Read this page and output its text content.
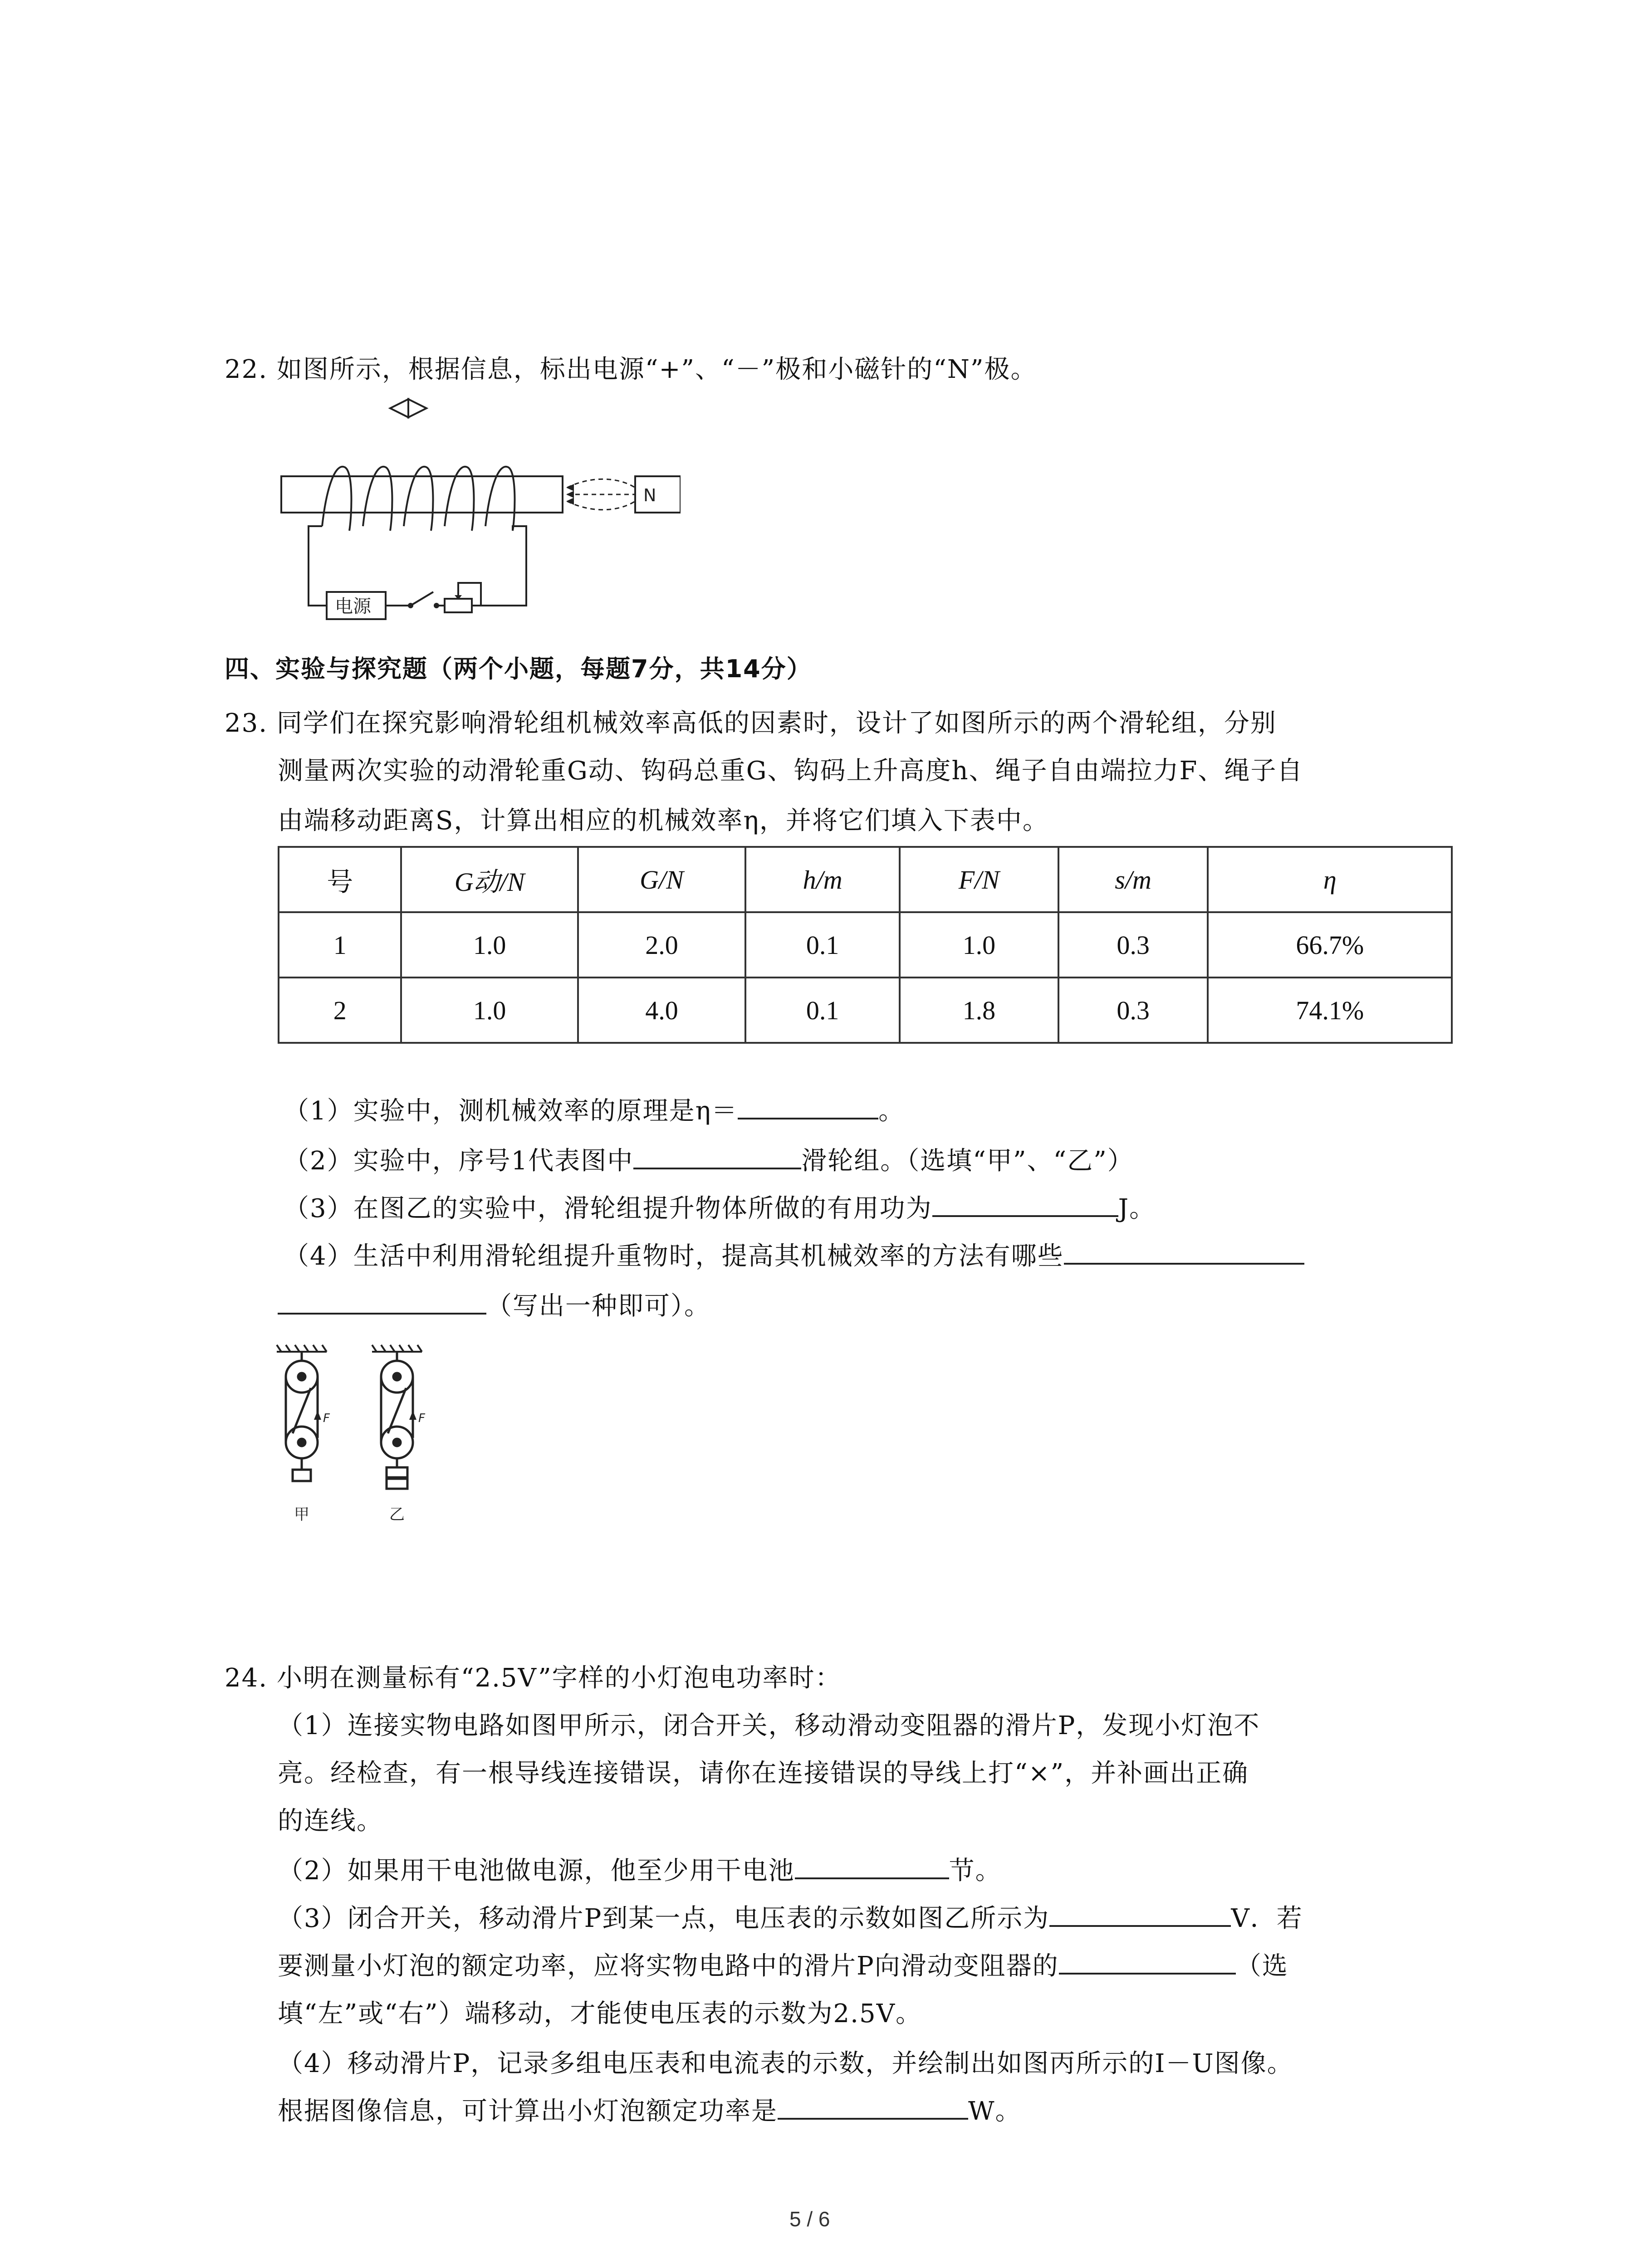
22. 如图所示，根据信息，标出电源“+”、“－”极和小磁针的“N”极。
电源
N
四、实验与探究题（两个小题，每题7分，共14分）
23. 同学们在探究影响滑轮组机械效率高低的因素时，设计了如图所示的两个滑轮组，分别
测量两次实验的动滑轮重G动、钩码总重G、钩码上升高度h、绳子自由端拉力F、绳子自
由端移动距离S，计算出相应的机械效率η，并将它们填入下表中。
号	G动/N	G/N	h/m	F/N	s/m	η
1	1.0	2.0	0.1	1.0	0.3	66.7%
2	1.0	4.0	0.1	1.8	0.3	74.1%
（1）实验中，测机械效率的原理是η＝	。
（2）实验中，序号1代表图中	滑轮组。（选填“甲”、“乙”）
（3）在图乙的实验中，滑轮组提升物体所做的有用功为	J。
（4）生活中利用滑轮组提升重物时，提高其机械效率的方法有哪些
（写出一种即可）。
F
甲
F
乙
24. 小明在测量标有“2.5V”字样的小灯泡电功率时：
（1）连接实物电路如图甲所示，闭合开关，移动滑动变阻器的滑片P，发现小灯泡不
亮。经检查，有一根导线连接错误，请你在连接错误的导线上打“×”，并补画出正确
的连线。
（2）如果用干电池做电源，他至少用干电池	节。
（3）闭合开关，移动滑片P到某一点，电压表的示数如图乙所示为	V．若
要测量小灯泡的额定功率，应将实物电路中的滑片P向滑动变阻器的	（选
填“左”或“右”）端移动，才能使电压表的示数为2.5V。
（4）移动滑片P，记录多组电压表和电流表的示数，并绘制出如图丙所示的I－U图像。
根据图像信息，可计算出小灯泡额定功率是	W。
5 / 6
